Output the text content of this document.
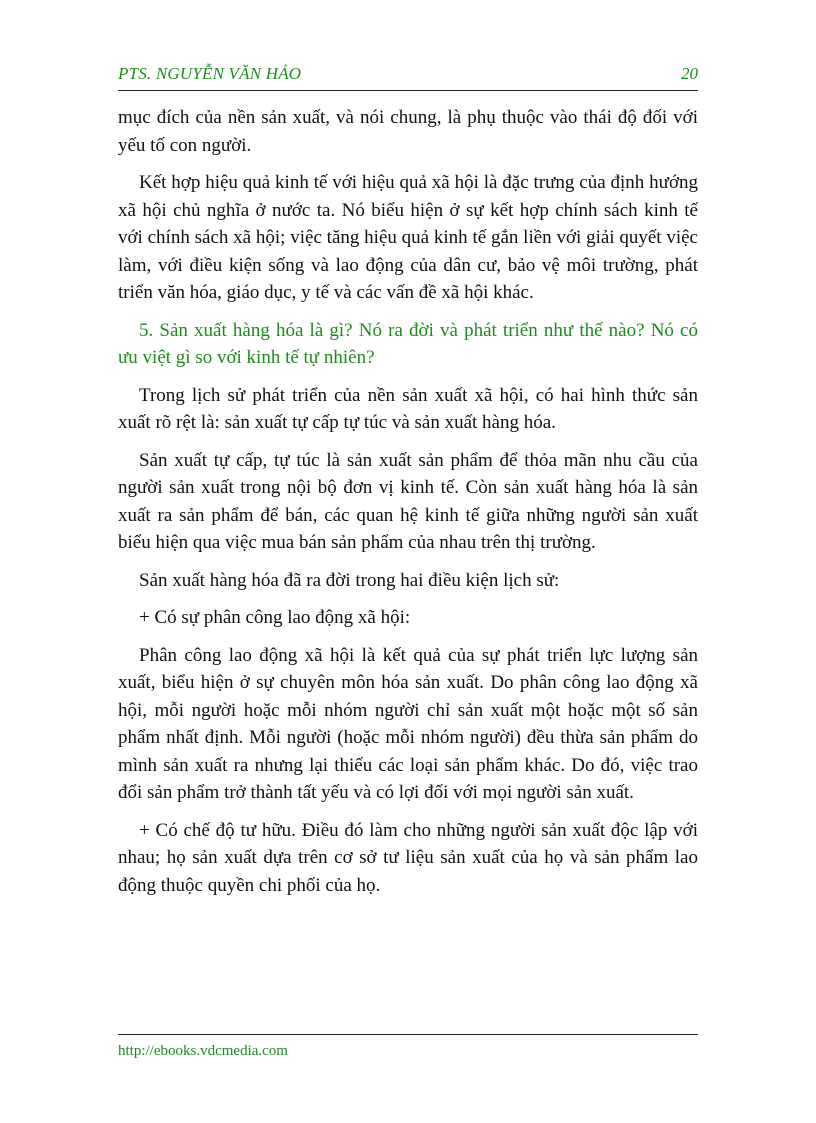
PTS. NGUYỄN VĂN HẢO	20

mục đích của nền sản xuất, và nói chung, là phụ thuộc vào thái độ đối với yếu tố con người.

Kết hợp hiệu quả kinh tế với hiệu quả xã hội là đặc trưng của định hướng xã hội chủ nghĩa ở nước ta. Nó biểu hiện ở sự kết hợp chính sách kinh tế với chính sách xã hội; việc tăng hiệu quả kinh tế gắn liền với giải quyết việc làm, với điều kiện sống và lao động của dân cư, bảo vệ môi trường, phát triển văn hóa, giáo dục, y tế và các vấn đề xã hội khác.

5. Sản xuất hàng hóa là gì? Nó ra đời và phát triển như thế nào? Nó có ưu việt gì so với kinh tế tự nhiên?

Trong lịch sử phát triển của nền sản xuất xã hội, có hai hình thức sản xuất rõ rệt là: sản xuất tự cấp tự túc và sản xuất hàng hóa.

Sản xuất tự cấp, tự túc là sản xuất sản phẩm để thỏa mãn nhu cầu của người sản xuất trong nội bộ đơn vị kinh tế. Còn sản xuất hàng hóa là sản xuất ra sản phẩm để bán, các quan hệ kinh tế giữa những người sản xuất biểu hiện qua việc mua bán sản phẩm của nhau trên thị trường.

Sản xuất hàng hóa đã ra đời trong hai điều kiện lịch sử:

+ Có sự phân công lao động xã hội:

Phân công lao động xã hội là kết quả của sự phát triển lực lượng sản xuất, biểu hiện ở sự chuyên môn hóa sản xuất. Do phân công lao động xã hội, mỗi người hoặc mỗi nhóm người chỉ sản xuất một hoặc một số sản phẩm nhất định. Mỗi người (hoặc mỗi nhóm người) đều thừa sản phẩm do mình sản xuất ra nhưng lại thiếu các loại sản phẩm khác. Do đó, việc trao đổi sản phẩm trở thành tất yếu và có lợi đối với mọi người sản xuất.

+ Có chế độ tư hữu. Điều đó làm cho những người sản xuất độc lập với nhau; họ sản xuất dựa trên cơ sở tư liệu sản xuất của họ và sản phẩm lao động thuộc quyền chi phối của họ.

http://ebooks.vdcmedia.com
